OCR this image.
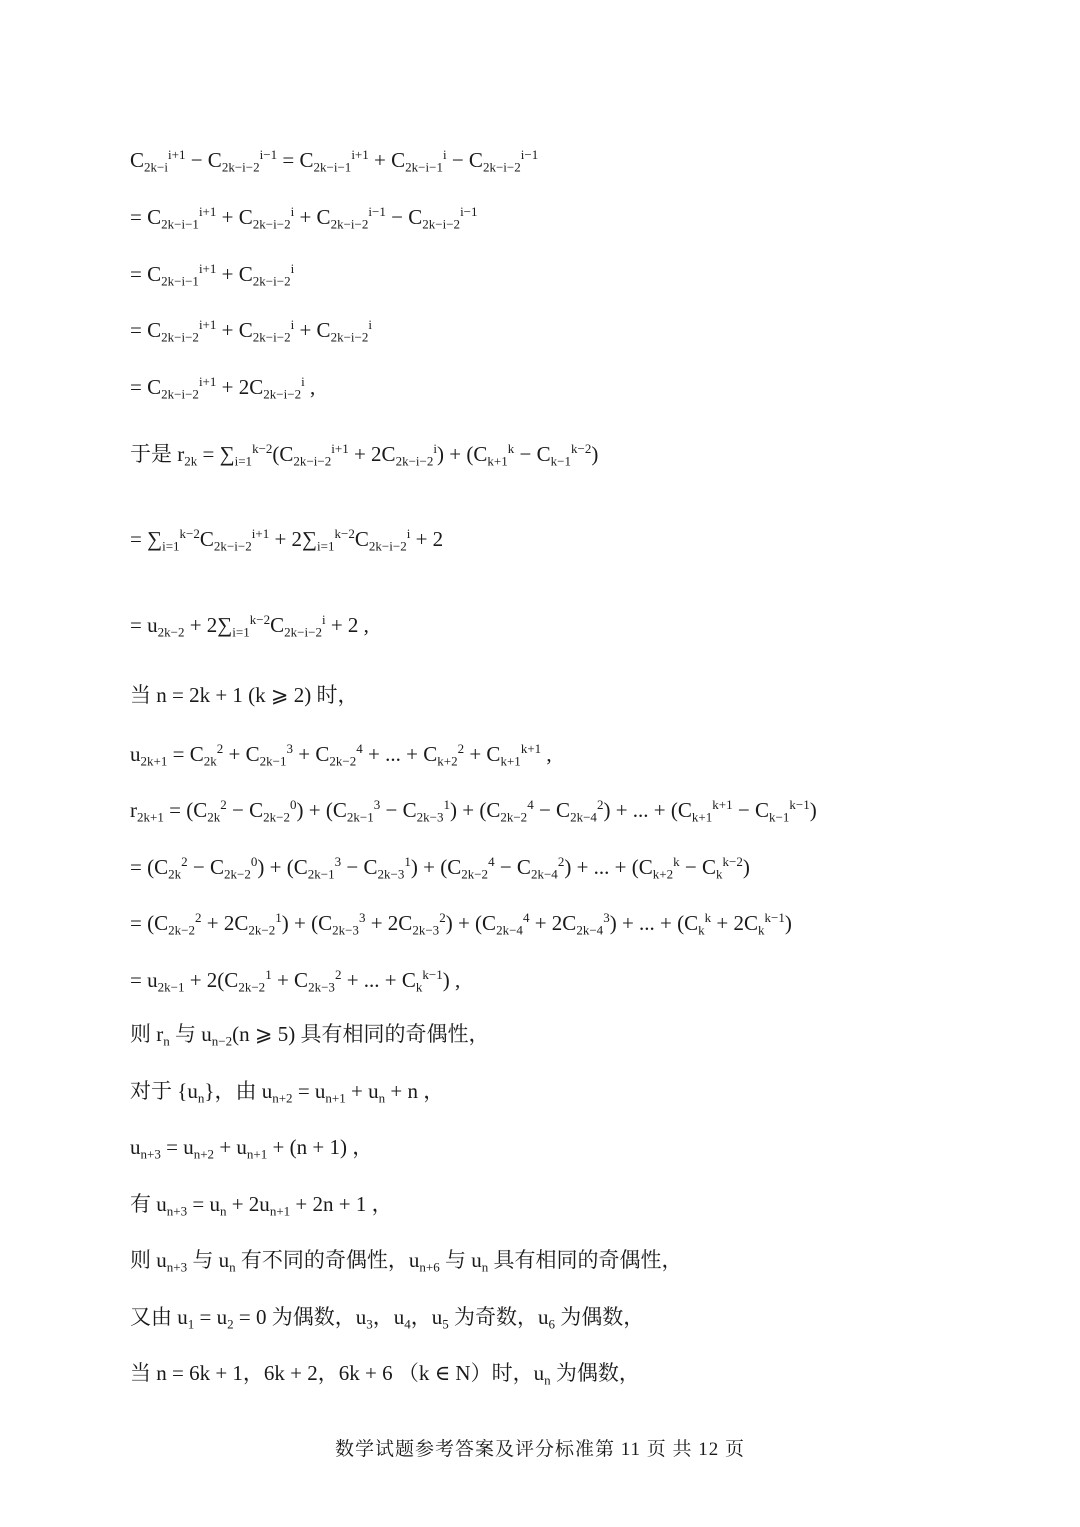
$C_{2k-i}^{i+1} - C_{2k-i-2}^{i-1} = C_{2k-i-1}^{i+1} + C_{2k-i-1}^i - C_{2k-i-2}^{i-1}$
= $C_{2k-i-1}^{i+1} + C_{2k-i-2}^i + C_{2k-i-2}^{i-1} - C_{2k-i-2}^{i-1}$
= $C_{2k-i-1}^{i+1} + C_{2k-i-2}^i$
= $C_{2k-i-2}^{i+1} + C_{2k-i-2}^i + C_{2k-i-2}^i$
= $C_{2k-i-2}^{i+1} + 2C_{2k-i-2}^i$ ,
于是 $r_{2k} = \sum_{i=1}^{k-2}(C_{2k-i-2}^{i+1} + 2C_{2k-i-2}^i) + (C_{k+1}^k - C_{k-1}^{k-2})$
= $\sum_{i=1}^{k-2}C_{2k-i-2}^{i+1} + 2\sum_{i=1}^{k-2}C_{2k-i-2}^i + 2$
= $u_{2k-2} + 2\sum_{i=1}^{k-2}C_{2k-i-2}^i + 2$ ,
当 n = 2k + 1 (k ⩾ 2) 时，
$u_{2k+1} = C_{2k}^2 + C_{2k-1}^3 + C_{2k-2}^4$ + ... + $C_{k+2}^2 + C_{k+1}^{k+1}$ ,
$r_{2k+1} = (C_{2k}^2 - C_{2k-2}^0) + (C_{2k-1}^3 - C_{2k-3}^1) + (C_{2k-2}^4 - C_{2k-4}^2)$ + ... + $(C_{k+1}^{k+1} - C_{k-1}^{k-1})$
= $(C_{2k}^2 - C_{2k-2}^0) + (C_{2k-1}^3 - C_{2k-3}^1) + (C_{2k-2}^4 - C_{2k-4}^2)$ + ... + $(C_{k+2}^k - C_k^{k-2})$
= $(C_{2k-2}^2 + 2C_{2k-2}^1) + (C_{2k-3}^3 + 2C_{2k-3}^2) + (C_{2k-4}^4 + 2C_{2k-4}^3)$ + ... + $(C_k^k + 2C_k^{k-1})$
= $u_{2k-1} + 2(C_{2k-2}^1 + C_{2k-3}^2$ + ... + $C_k^{k-1}$) ,
则 $r_n$ 与 $u_{n-2}(n$ ⩾ 5) 具有相同的奇偶性，
对于 $\{u_n\}$，由 $u_{n+2} = u_{n+1} + u_n + n$ ，
$u_{n+3} = u_{n+2} + u_{n+1} + (n + 1)$ ，
有 $u_{n+3} = u_n + 2u_{n+1} + 2n + 1$ ，
则 $u_{n+3}$ 与 $u_n$ 有不同的奇偶性，$u_{n+6}$ 与 $u_n$ 具有相同的奇偶性，
又由 $u_1 = u_2 = 0$ 为偶数，$u_3$，$u_4$，$u_5$ 为奇数，$u_6$ 为偶数，
当 n = 6k + 1，6k + 2，6k + 6 （k ∈ N）时，$u_n$ 为偶数，
数学试题参考答案及评分标准第 11 页 共 12 页
